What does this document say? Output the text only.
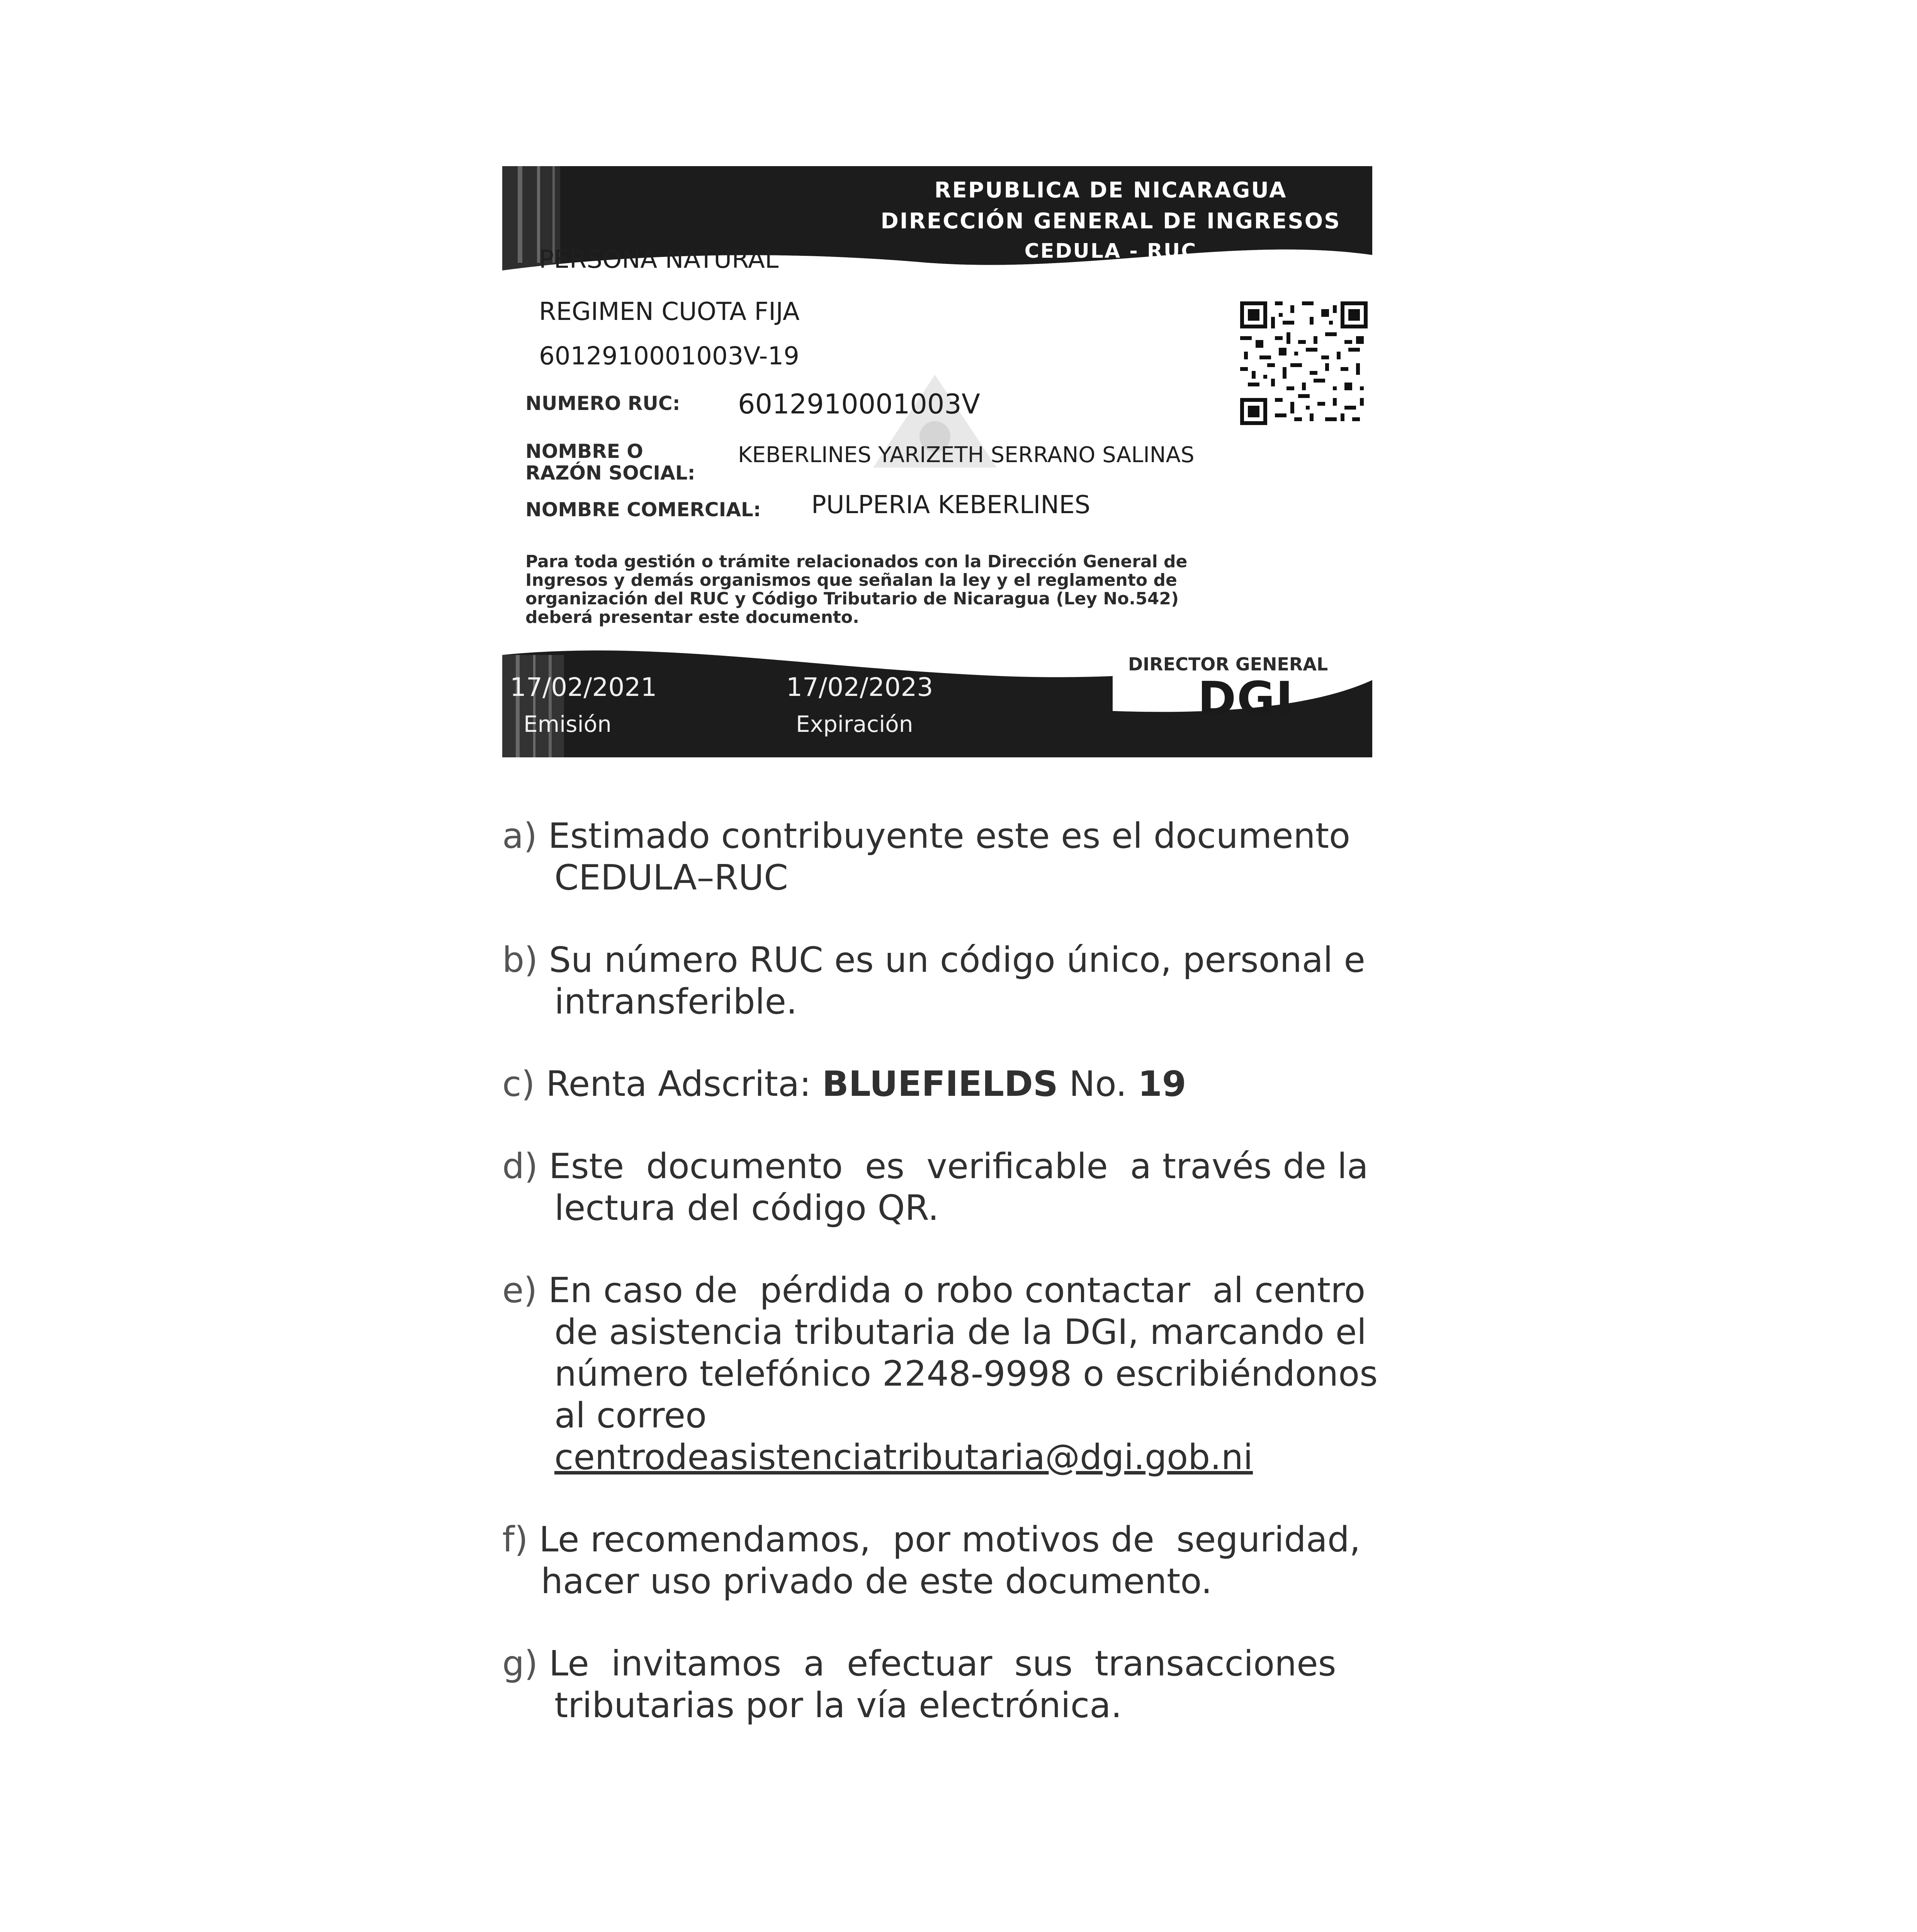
REPUBLICA DE NICARAGUA
DIRECCIÓN GENERAL DE INGRESOS
CEDULA - RUC
PERSONA NATURAL
REGIMEN CUOTA FIJA
6012910001003V-19
NUMERO RUC: 6012910001003V
NOMBRE O
RAZÓN SOCIAL:
KEBERLINES YARIZETH SERRANO SALINAS
NOMBRE COMERCIAL: PULPERIA KEBERLINES
Para toda gestión o trámite relacionados con la Dirección General de
Ingresos y demás organismos que señalan la ley y el reglamento de
organización del RUC y Código Tributario de Nicaragua (Ley No.542)
deberá presentar este documento.
DIRECTOR GENERAL
DGI
17/02/2021
Emisión
17/02/2023
Expiración
a) Estimado contribuyente este es el documento
CEDULA–RUC
b) Su número RUC es un código único, personal e
intransferible.
c) Renta Adscrita: BLUEFIELDS No. 19
d) Este  documento  es  verificable  a través de la
lectura del código QR.
e) En caso de  pérdida o robo contactar  al centro
de asistencia tributaria de la DGI, marcando el
número telefónico 2248-9998 o escribiéndonos
al correo
centrodeasistenciatributaria@dgi.gob.ni
f) Le recomendamos,  por motivos de  seguridad,
hacer uso privado de este documento.
g) Le  invitamos  a  efectuar  sus  transacciones
tributarias por la vía electrónica.
